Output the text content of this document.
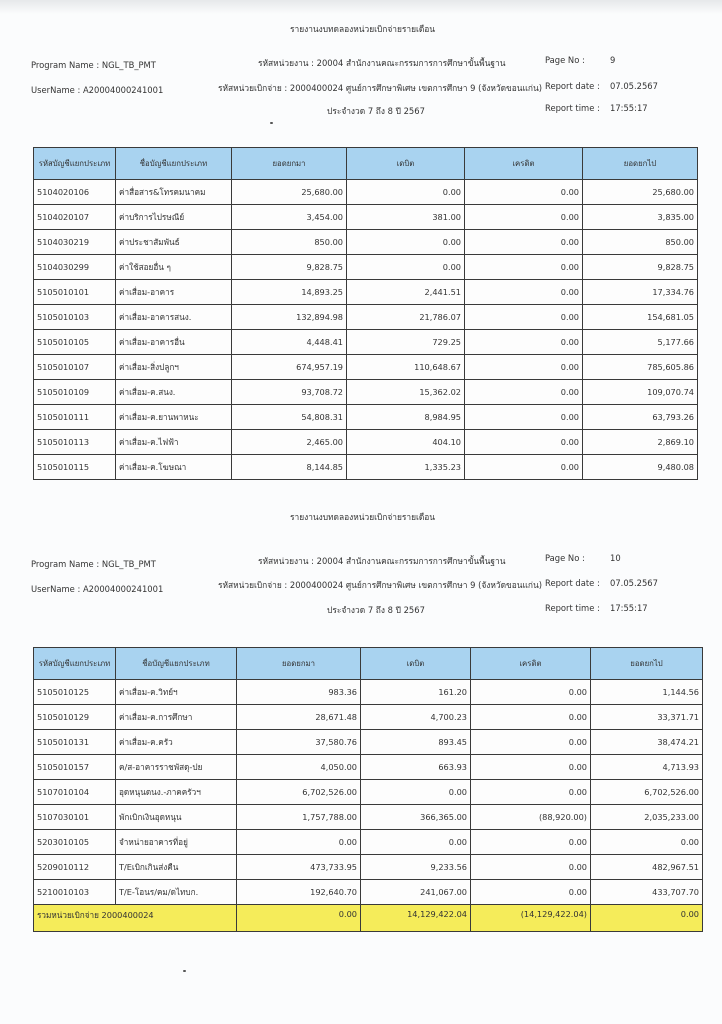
รายงานงบทดลองหน่วยเบิกจ่ายรายเดือน
Program Name : NGL_TB_PMT
UserName : A20004000241001
รหัสหน่วยงาน : 20004 สำนักงานคณะกรรมการการศึกษาขั้นพื้นฐาน
รหัสหน่วยเบิกจ่าย : 2000400024 ศูนย์การศึกษาพิเศษ เขตการศึกษา 9 (จังหวัดขอนแก่น)
ประจำงวด 7 ถึง 8 ปี 2567
Page No :	9
Report date : 07.05.2567
Report time : 17:55:17
รหัสบัญชีแยกประเภท	ชื่อบัญชีแยกประเภท	ยอดยกมา	เดบิต	เครดิต	ยอดยกไป
5104020106	ค่าสื่อสาร&โทรคมนาคม	25,680.00	0.00	0.00	25,680.00
5104020107	ค่าบริการไปรษณีย์	3,454.00	381.00	0.00	3,835.00
5104030219	ค่าประชาสัมพันธ์	850.00	0.00	0.00	850.00
5104030299	ค่าใช้สอยอื่น ๆ	9,828.75	0.00	0.00	9,828.75
5105010101	ค่าเสื่อม-อาคาร	14,893.25	2,441.51	0.00	17,334.76
5105010103	ค่าเสื่อม-อาคารสนง.	132,894.98	21,786.07	0.00	154,681.05
5105010105	ค่าเสื่อม-อาคารอื่น	4,448.41	729.25	0.00	5,177.66
5105010107	ค่าเสื่อม-สิ่งปลูกฯ	674,957.19	110,648.67	0.00	785,605.86
5105010109	ค่าเสื่อม-ค.สนง.	93,708.72	15,362.02	0.00	109,070.74
5105010111	ค่าเสื่อม-ค.ยานพาหนะ	54,808.31	8,984.95	0.00	63,793.26
5105010113	ค่าเสื่อม-ค.ไฟฟ้า	2,465.00	404.10	0.00	2,869.10
5105010115	ค่าเสื่อม-ค.โฆษณา	8,144.85	1,335.23	0.00	9,480.08
รายงานงบทดลองหน่วยเบิกจ่ายรายเดือน
Program Name : NGL_TB_PMT
UserName : A20004000241001
รหัสหน่วยงาน : 20004 สำนักงานคณะกรรมการการศึกษาขั้นพื้นฐาน
รหัสหน่วยเบิกจ่าย : 2000400024 ศูนย์การศึกษาพิเศษ เขตการศึกษา 9 (จังหวัดขอนแก่น)
ประจำงวด 7 ถึง 8 ปี 2567
Page No :	10
Report date : 07.05.2567
Report time : 17:55:17
รหัสบัญชีแยกประเภท	ชื่อบัญชีแยกประเภท	ยอดยกมา	เดบิต	เครดิต	ยอดยกไป
5105010125	ค่าเสื่อม-ค.วิทย์ฯ	983.36	161.20	0.00	1,144.56
5105010129	ค่าเสื่อม-ค.การศึกษา	28,671.48	4,700.23	0.00	33,371.71
5105010131	ค่าเสื่อม-ค.ครัว	37,580.76	893.45	0.00	38,474.21
5105010157	ค/ส-อาคารราชพัสดุ-ปย	4,050.00	663.93	0.00	4,713.93
5107010104	อุดหนุนดนง.-ภาคครัวฯ	6,702,526.00	0.00	0.00	6,702,526.00
5107030101	พักเบิกเงินอุดหนุน	1,757,788.00	366,365.00	(88,920.00)	2,035,233.00
5203010105	จำหน่ายอาคารที่อยู่	0.00	0.00	0.00	0.00
5209010112	T/Eเบิกเกินส่งคืน	473,733.95	9,233.56	0.00	482,967.51
5210010103	T/E-โอนร/คม/ดไทบก.	192,640.70	241,067.00	0.00	433,707.70
รวมหน่วยเบิกจ่าย 2000400024		0.00	14,129,422.04	(14,129,422.04)	0.00
